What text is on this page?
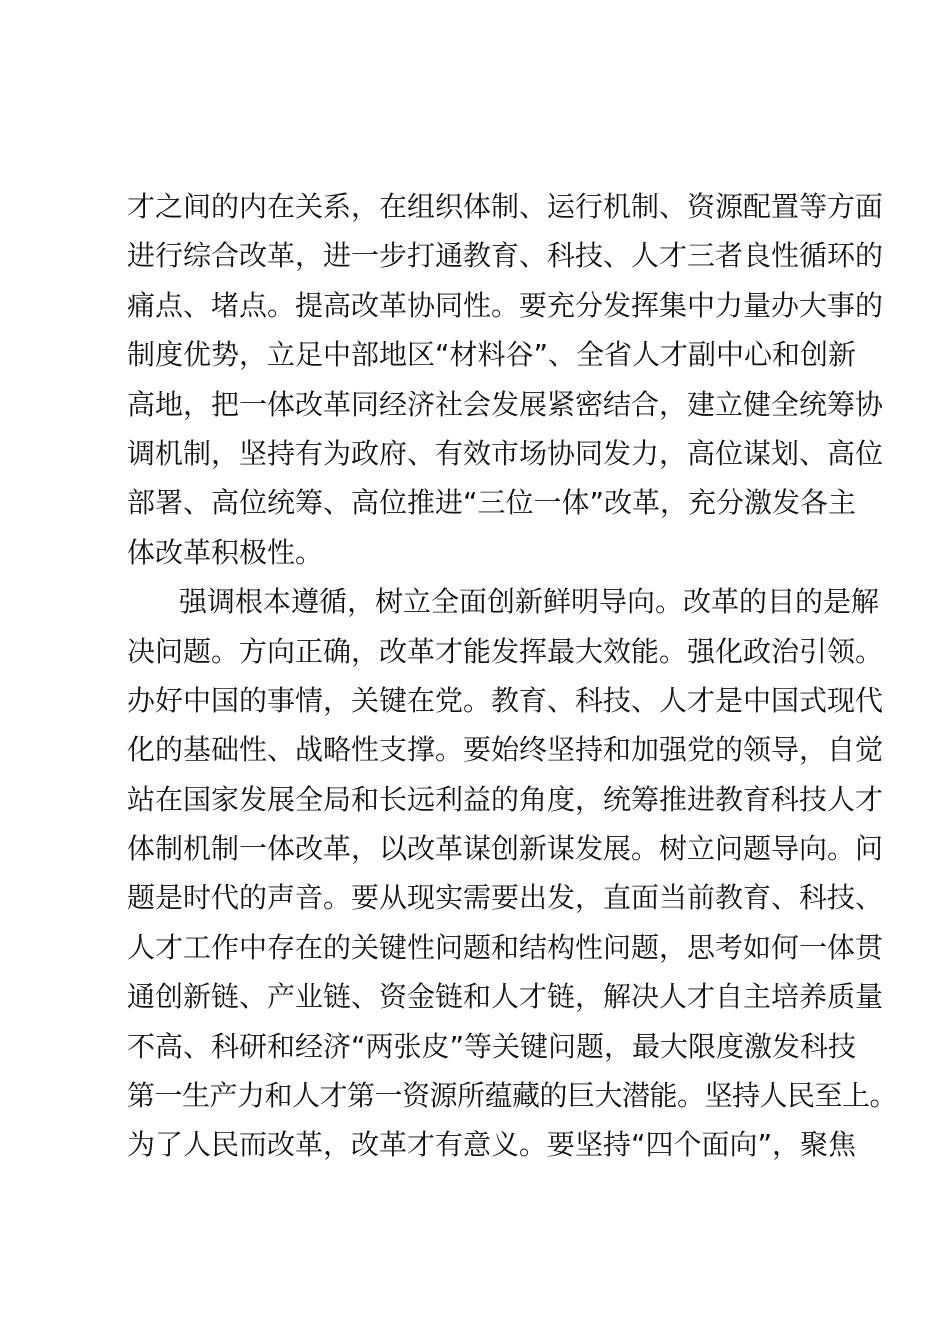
才之间的内在关系，在组织体制、运行机制、资源配置等方面
进行综合改革，进一步打通教育、科技、人才三者良性循环的
痛点、堵点。提高改革协同性。要充分发挥集中力量办大事的
制度优势，立足中部地区“材料谷”、全省人才副中心和创新
高地，把一体改革同经济社会发展紧密结合，建立健全统筹协
调机制，坚持有为政府、有效市场协同发力，高位谋划、高位
部署、高位统筹、高位推进“三位一体”改革，充分激发各主
体改革积极性。
强调根本遵循，树立全面创新鲜明导向。改革的目的是解
决问题。方向正确，改革才能发挥最大效能。强化政治引领。
办好中国的事情，关键在党。教育、科技、人才是中国式现代
化的基础性、战略性支撑。要始终坚持和加强党的领导，自觉
站在国家发展全局和长远利益的角度，统筹推进教育科技人才
体制机制一体改革，以改革谋创新谋发展。树立问题导向。问
题是时代的声音。要从现实需要出发，直面当前教育、科技、
人才工作中存在的关键性问题和结构性问题，思考如何一体贯
通创新链、产业链、资金链和人才链，解决人才自主培养质量
不高、科研和经济“两张皮”等关键问题，最大限度激发科技
第一生产力和人才第一资源所蕴藏的巨大潜能。坚持人民至上。
为了人民而改革，改革才有意义。要坚持“四个面向”，聚焦
